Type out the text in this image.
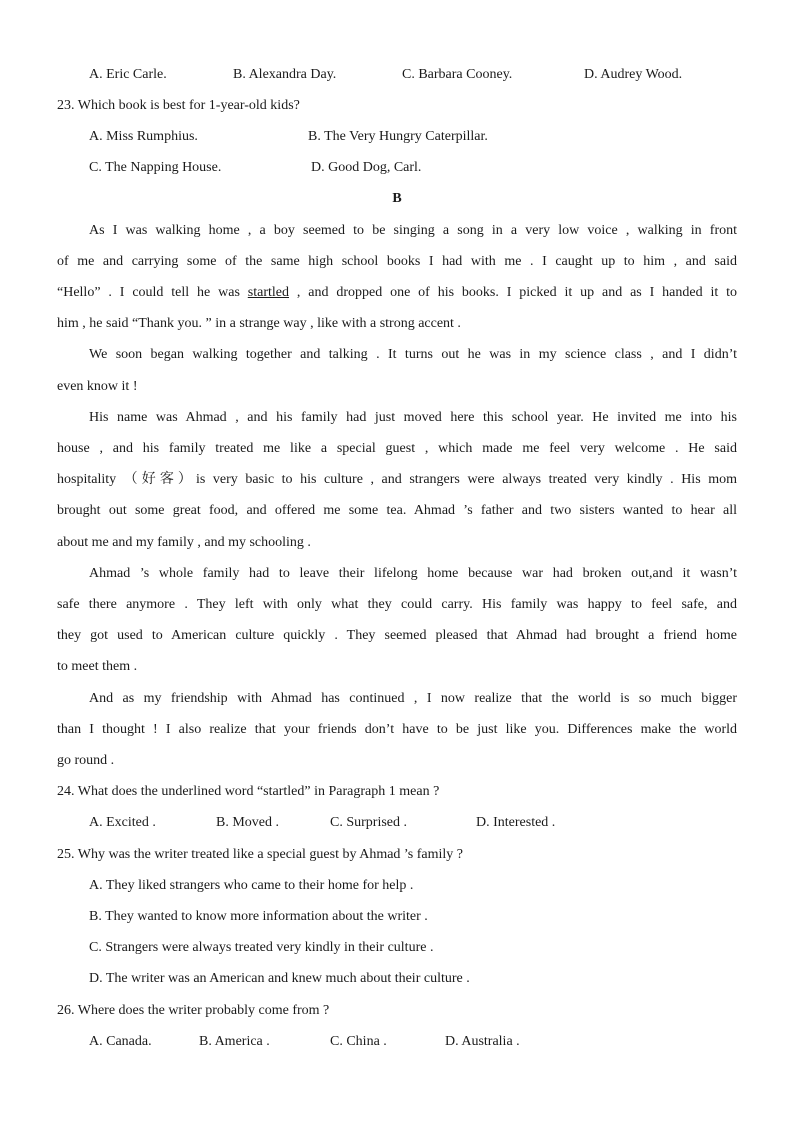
A. Eric Carle.	B. Alexandra Day.	C. Barbara Cooney.	D. Audrey Wood.
23. Which book is best for 1-year-old kids?
A. Miss Rumphius.	B. The Very Hungry Caterpillar.
C. The Napping House.	D. Good Dog, Carl.
B
As I was walking home , a boy seemed to be singing a song in a very low voice , walking in front
of me and carrying some of the same high school books I had with me . I caught up to him , and said
“Hello” . I could tell he was startled , and dropped one of his books. I picked it up and as I handed it to
him , he said “Thank you. ” in a strange way , like with a strong accent .
We soon began walking together and talking . It turns out he was in my science class , and I didn’t
even know it !
His name was Ahmad , and his family had just moved here this school year. He invited me into his
house , and his family treated me like a special guest , which made me feel very welcome . He said
hospitality （好客）is very basic to his culture , and strangers were always treated very kindly . His mom
brought out some great food, and offered me some tea. Ahmad ’s father and two sisters wanted to hear all
about me and my family , and my schooling .
Ahmad ’s whole family had to leave their lifelong home because war had broken out,and it wasn’t
safe there anymore . They left with only what they could carry. His family was happy to feel safe, and
they got used to American culture quickly . They seemed pleased that Ahmad had brought a friend home
to meet them .
And as my friendship with Ahmad has continued , I now realize that the world is so much bigger
than I thought ! I also realize that your friends don’t have to be just like you. Differences make the world
go round .
24. What does the underlined word “startled” in Paragraph 1 mean ?
A. Excited .	B. Moved .	C. Surprised .	D. Interested .
25. Why was the writer treated like a special guest by Ahmad ’s family ?
A. They liked strangers who came to their home for help .
B. They wanted to know more information about the writer .
C. Strangers were always treated very kindly in their culture .
D. The writer was an American and knew much about their culture .
26. Where does the writer probably come from ?
A. Canada.	B. America .	C. China .	D. Australia .
